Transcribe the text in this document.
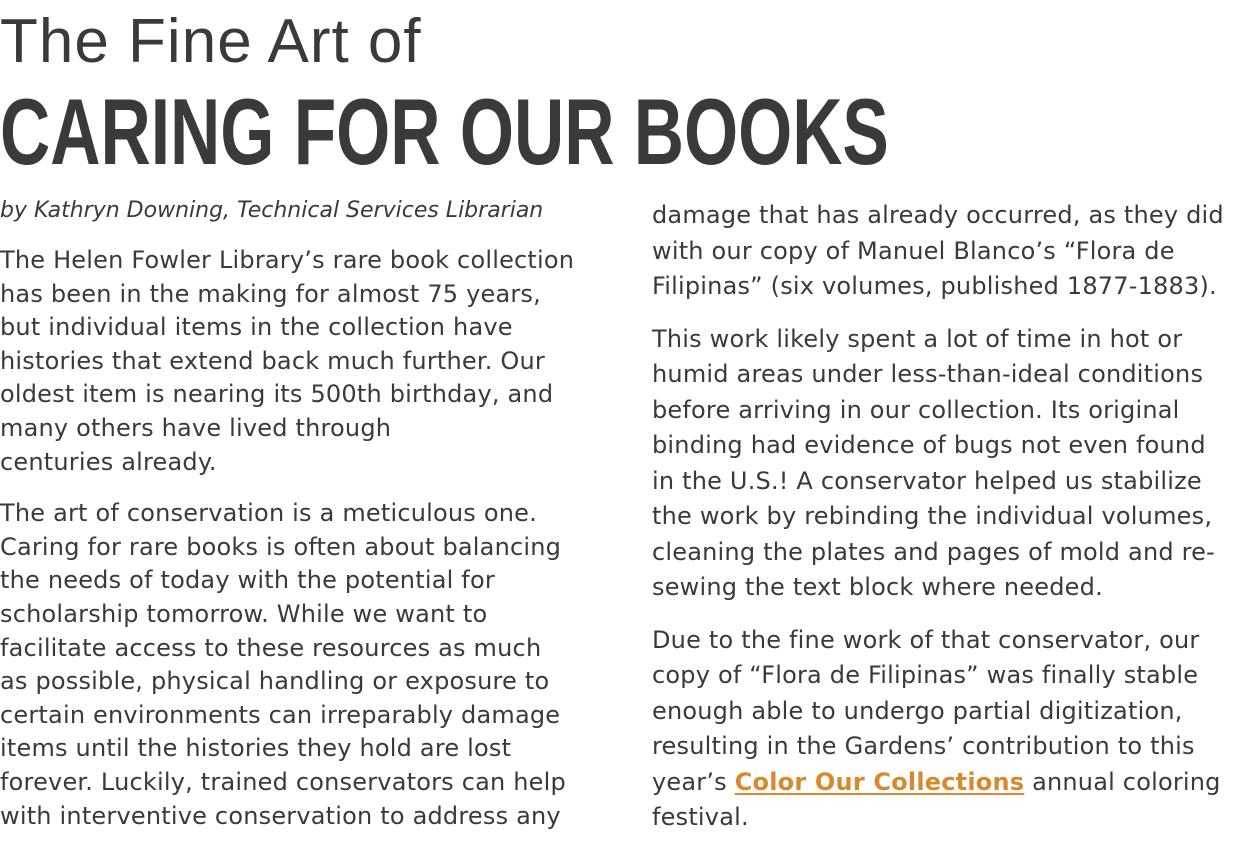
The Fine Art of
CARING FOR OUR BOOKS

by Kathryn Downing, Technical Services Librarian

The Helen Fowler Library’s rare book collection
has been in the making for almost 75 years,
but individual items in the collection have
histories that extend back much further. Our
oldest item is nearing its 500th birthday, and
many others have lived through
centuries already.

The art of conservation is a meticulous one.
Caring for rare books is often about balancing
the needs of today with the potential for
scholarship tomorrow. While we want to
facilitate access to these resources as much
as possible, physical handling or exposure to
certain environments can irreparably damage
items until the histories they hold are lost
forever. Luckily, trained conservators can help
with interventive conservation to address any

damage that has already occurred, as they did
with our copy of Manuel Blanco’s “Flora de
Filipinas” (six volumes, published 1877-1883).

This work likely spent a lot of time in hot or
humid areas under less-than-ideal conditions
before arriving in our collection. Its original
binding had evidence of bugs not even found
in the U.S.! A conservator helped us stabilize
the work by rebinding the individual volumes,
cleaning the plates and pages of mold and re-
sewing the text block where needed.

Due to the fine work of that conservator, our
copy of “Flora de Filipinas” was finally stable
enough able to undergo partial digitization,
resulting in the Gardens’ contribution to this
year’s Color Our Collections annual coloring
festival.
